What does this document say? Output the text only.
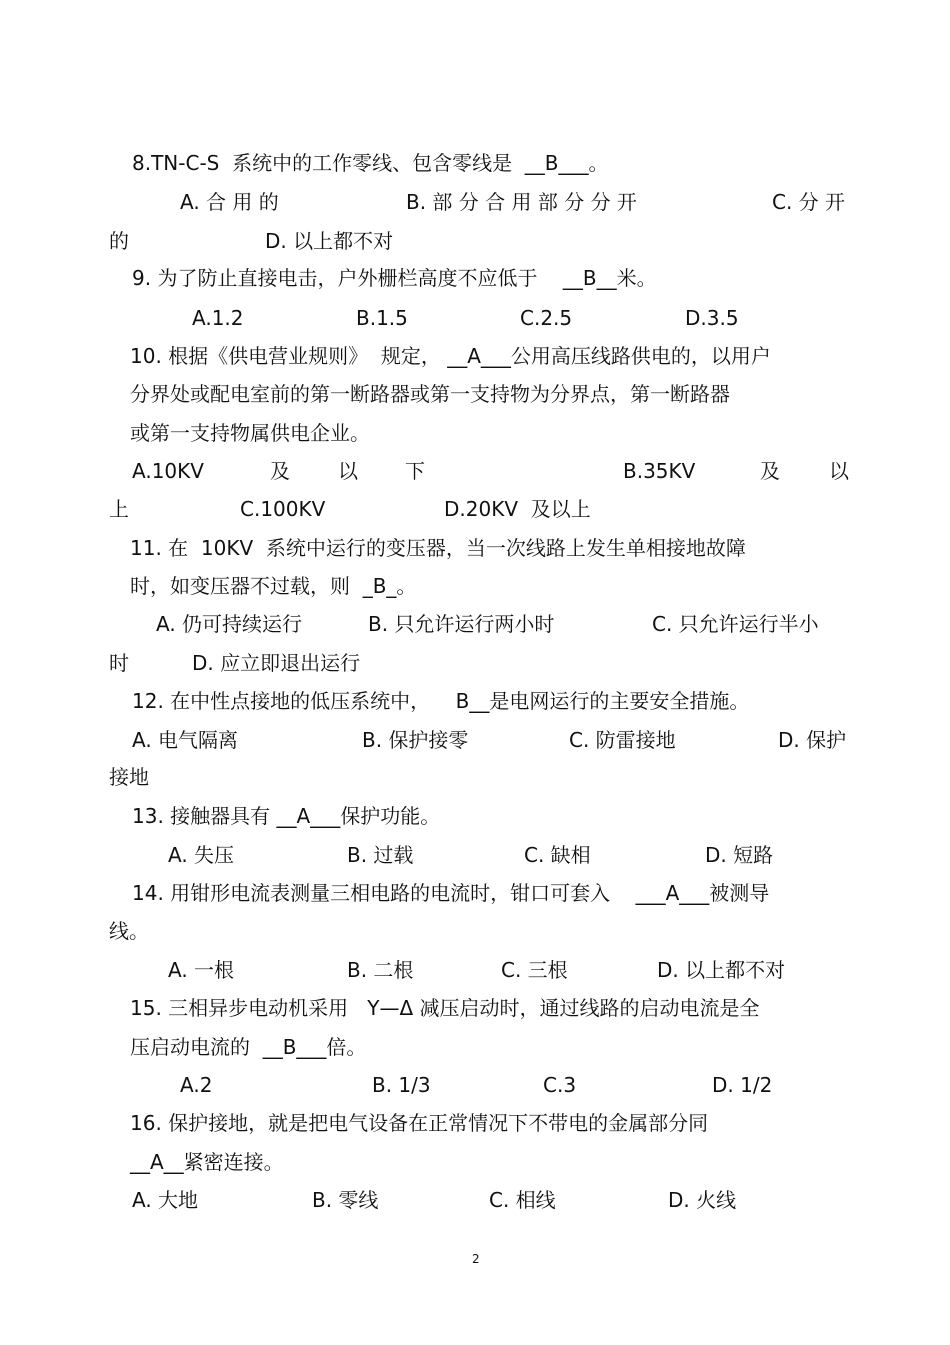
8.TN-C-S  系统中的工作零线、包含零线是  __B___。
A. 合 用 的	B. 部 分 合 用 部 分 分 开	C. 分 开
的	D. 以上都不对
9. 为了防止直接电击，户外栅栏高度不应低于    __B__米。
A.1.2	B.1.5	C.2.5	D.3.5
10. 根据《供电营业规则》  规定， __A___公用高压线路供电的，以用户
分界处或配电室前的第一断路器或第一支持物为分界点，第一断路器
或第一支持物属供电企业。
A.10KV	及 以 下	B.35KV	及 以
上	C.100KV	D.20KV  及以上
11. 在  10KV  系统中运行的变压器，当一次线路上发生单相接地故障
时，如变压器不过载，则  _B_。
A. 仍可持续运行	B. 只允许运行两小时	C. 只允许运行半小
时	D. 应立即退出运行
12. 在中性点接地的低压系统中，    B__是电网运行的主要安全措施。
A. 电气隔离	B. 保护接零	C. 防雷接地	D. 保护
接地
13. 接触器具有 __A___保护功能。
A. 失压	B. 过载	C. 缺相	D. 短路
14. 用钳形电流表测量三相电路的电流时，钳口可套入    ___A___被测导
线。
A. 一根	B. 二根	C. 三根	D. 以上都不对
15. 三相异步电动机采用   Y—Δ 减压启动时，通过线路的启动电流是全
压启动电流的  __B___倍。
A.2	B. 1/3	C.3	D. 1/2
16. 保护接地，就是把电气设备在正常情况下不带电的金属部分同
__A__紧密连接。
A. 大地	B. 零线	C. 相线	D. 火线
2
